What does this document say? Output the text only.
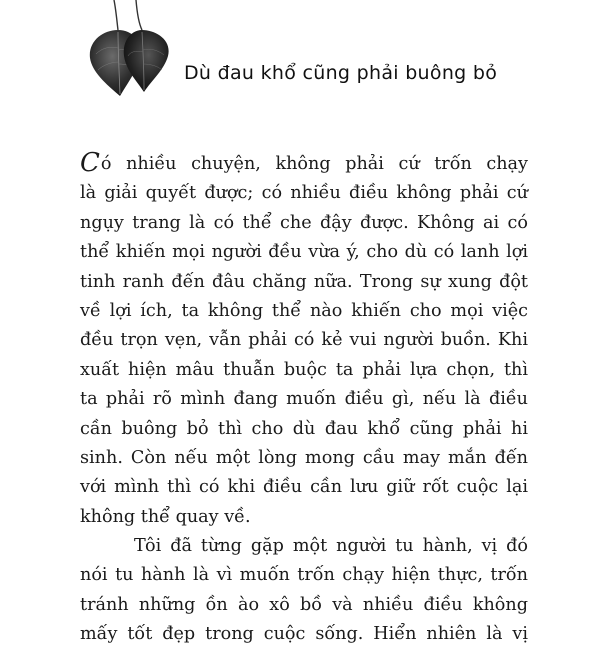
Dù đau khổ cũng phải buông bỏ
Có nhiều chuyện, không phải cứ trốn chạy
là giải quyết được; có nhiều điều không phải cứ
ngụy trang là có thể che đậy được. Không ai có
thể khiến mọi người đều vừa ý, cho dù có lanh lợi
tinh ranh đến đâu chăng nữa. Trong sự xung đột
về lợi ích, ta không thể nào khiến cho mọi việc
đều trọn vẹn, vẫn phải có kẻ vui người buồn. Khi
xuất hiện mâu thuẫn buộc ta phải lựa chọn, thì
ta phải rõ mình đang muốn điều gì, nếu là điều
cần buông bỏ thì cho dù đau khổ cũng phải hi
sinh. Còn nếu một lòng mong cầu may mắn đến
với mình thì có khi điều cần lưu giữ rốt cuộc lại
không thể quay về.
Tôi đã từng gặp một người tu hành, vị đó
nói tu hành là vì muốn trốn chạy hiện thực, trốn
tránh những ồn ào xô bồ và nhiều điều không
mấy tốt đẹp trong cuộc sống. Hiển nhiên là vị
